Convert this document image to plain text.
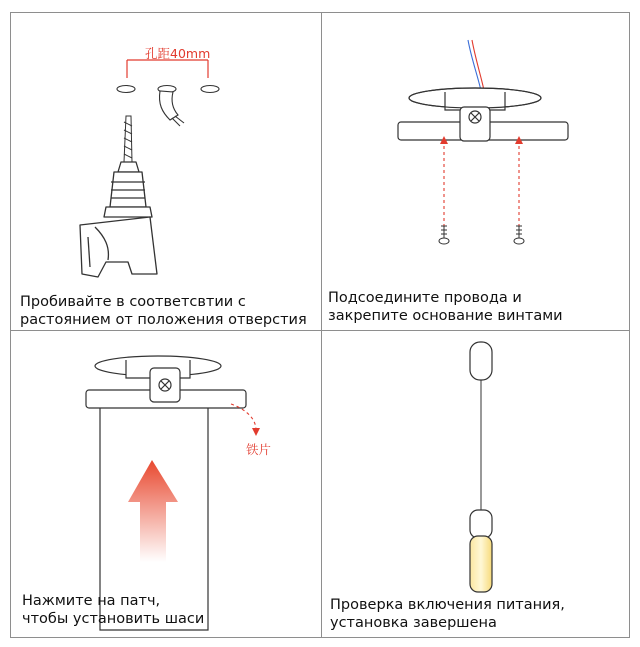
孔距40mm
Пробивайте в соответсвтии с
растоянием от положения отверстия
Подсоедините провода и
закрепите основание винтами
铁片
Нажмите на патч,
чтобы установить шаси
Проверка включения питания,
установка завершена
